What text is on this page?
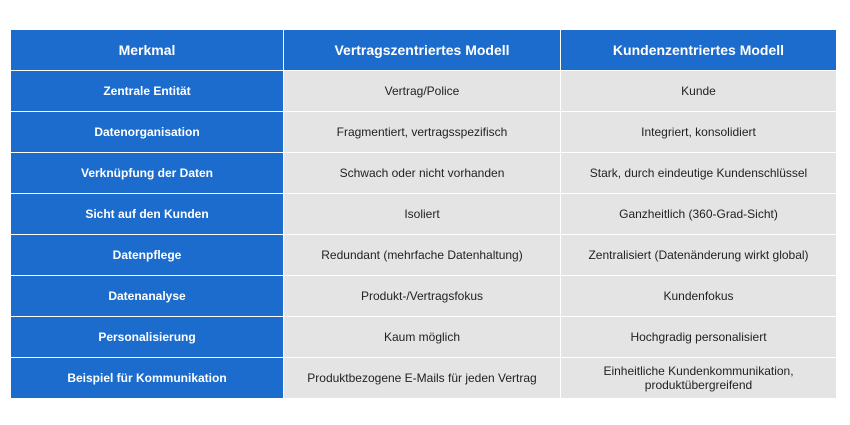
Merkmal	Vertragszentriertes Modell	Kundenzentriertes Modell
Zentrale Entität	Vertrag/Police	Kunde
Datenorganisation	Fragmentiert, vertragsspezifisch	Integriert, konsolidiert
Verknüpfung der Daten	Schwach oder nicht vorhanden	Stark, durch eindeutige Kundenschlüssel
Sicht auf den Kunden	Isoliert	Ganzheitlich (360-Grad-Sicht)
Datenpflege	Redundant (mehrfache Datenhaltung)	Zentralisiert (Datenänderung wirkt global)
Datenanalyse	Produkt-/Vertragsfokus	Kundenfokus
Personalisierung	Kaum möglich	Hochgradig personalisiert
Beispiel für Kommunikation	Produktbezogene E-Mails für jeden Vertrag	Einheitliche Kundenkommunikation, produktübergreifend
